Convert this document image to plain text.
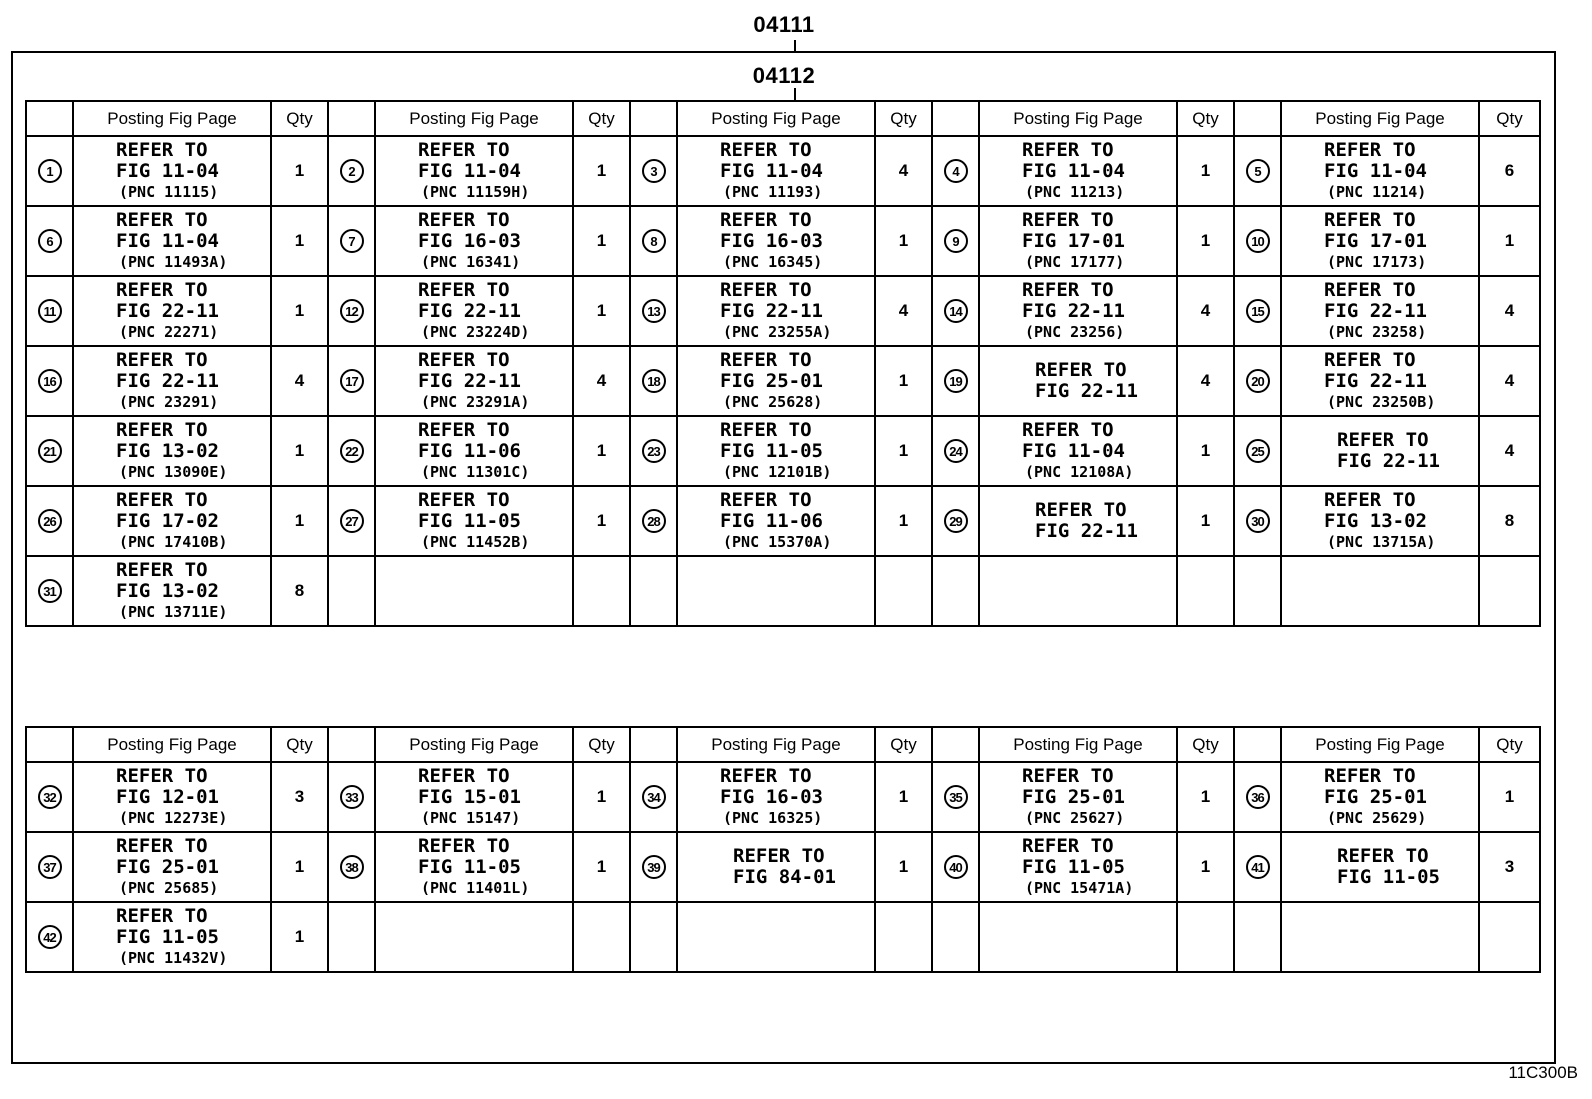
04111
04112
	Posting Fig Page	Qty		Posting Fig Page	Qty		Posting Fig Page	Qty		Posting Fig Page	Qty		Posting Fig Page	Qty
1	REFER TO
FIG 11-04
(PNC 11115)	1	2	REFER TO
FIG 11-04
(PNC 11159H)	1	3	REFER TO
FIG 11-04
(PNC 11193)	4	4	REFER TO
FIG 11-04
(PNC 11213)	1	5	REFER TO
FIG 11-04
(PNC 11214)	6
6	REFER TO
FIG 11-04
(PNC 11493A)	1	7	REFER TO
FIG 16-03
(PNC 16341)	1	8	REFER TO
FIG 16-03
(PNC 16345)	1	9	REFER TO
FIG 17-01
(PNC 17177)	1	10	REFER TO
FIG 17-01
(PNC 17173)	1
11	REFER TO
FIG 22-11
(PNC 22271)	1	12	REFER TO
FIG 22-11
(PNC 23224D)	1	13	REFER TO
FIG 22-11
(PNC 23255A)	4	14	REFER TO
FIG 22-11
(PNC 23256)	4	15	REFER TO
FIG 22-11
(PNC 23258)	4
16	REFER TO
FIG 22-11
(PNC 23291)	4	17	REFER TO
FIG 22-11
(PNC 23291A)	4	18	REFER TO
FIG 25-01
(PNC 25628)	1	19	REFER TO
FIG 22-11	4	20	REFER TO
FIG 22-11
(PNC 23250B)	4
21	REFER TO
FIG 13-02
(PNC 13090E)	1	22	REFER TO
FIG 11-06
(PNC 11301C)	1	23	REFER TO
FIG 11-05
(PNC 12101B)	1	24	REFER TO
FIG 11-04
(PNC 12108A)	1	25	REFER TO
FIG 22-11	4
26	REFER TO
FIG 17-02
(PNC 17410B)	1	27	REFER TO
FIG 11-05
(PNC 11452B)	1	28	REFER TO
FIG 11-06
(PNC 15370A)	1	29	REFER TO
FIG 22-11	1	30	REFER TO
FIG 13-02
(PNC 13715A)	8
31	REFER TO
FIG 13-02
(PNC 13711E)	8												
	Posting Fig Page	Qty		Posting Fig Page	Qty		Posting Fig Page	Qty		Posting Fig Page	Qty		Posting Fig Page	Qty
32	REFER TO
FIG 12-01
(PNC 12273E)	3	33	REFER TO
FIG 15-01
(PNC 15147)	1	34	REFER TO
FIG 16-03
(PNC 16325)	1	35	REFER TO
FIG 25-01
(PNC 25627)	1	36	REFER TO
FIG 25-01
(PNC 25629)	1
37	REFER TO
FIG 25-01
(PNC 25685)	1	38	REFER TO
FIG 11-05
(PNC 11401L)	1	39	REFER TO
FIG 84-01	1	40	REFER TO
FIG 11-05
(PNC 15471A)	1	41	REFER TO
FIG 11-05	3
42	REFER TO
FIG 11-05
(PNC 11432V)	1												
11C300B
